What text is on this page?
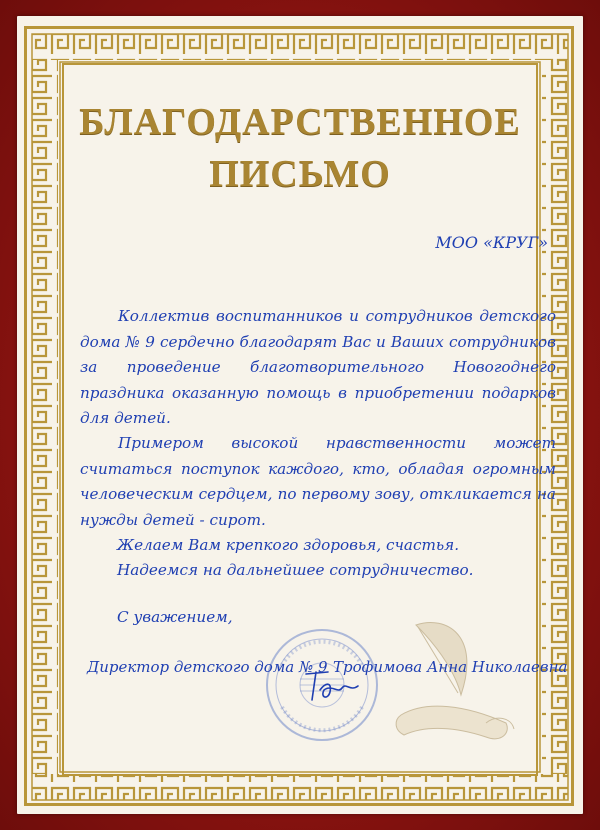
БЛАГОДАРСТВЕННОЕ
ПИСЬМО
МОО «КРУГ»
Коллектив воспитанников и сотрудников детского дома № 9 сердечно благодарят Вас и Ваших сотрудников за проведение благотворительного Новогоднего праздника оказанную помощь в приобретении подарков для детей.
Примером высокой нравственности может считаться поступок каждого, кто, обладая огромным человеческим сердцем, по первому зову, откликается на нужды детей - сирот.
Желаем Вам крепкого здоровья, счастья.
Надеемся на дальнейшее сотрудничество.
С уважением,
Директор детского дома № 9 Трофимова Анна Николаевна
